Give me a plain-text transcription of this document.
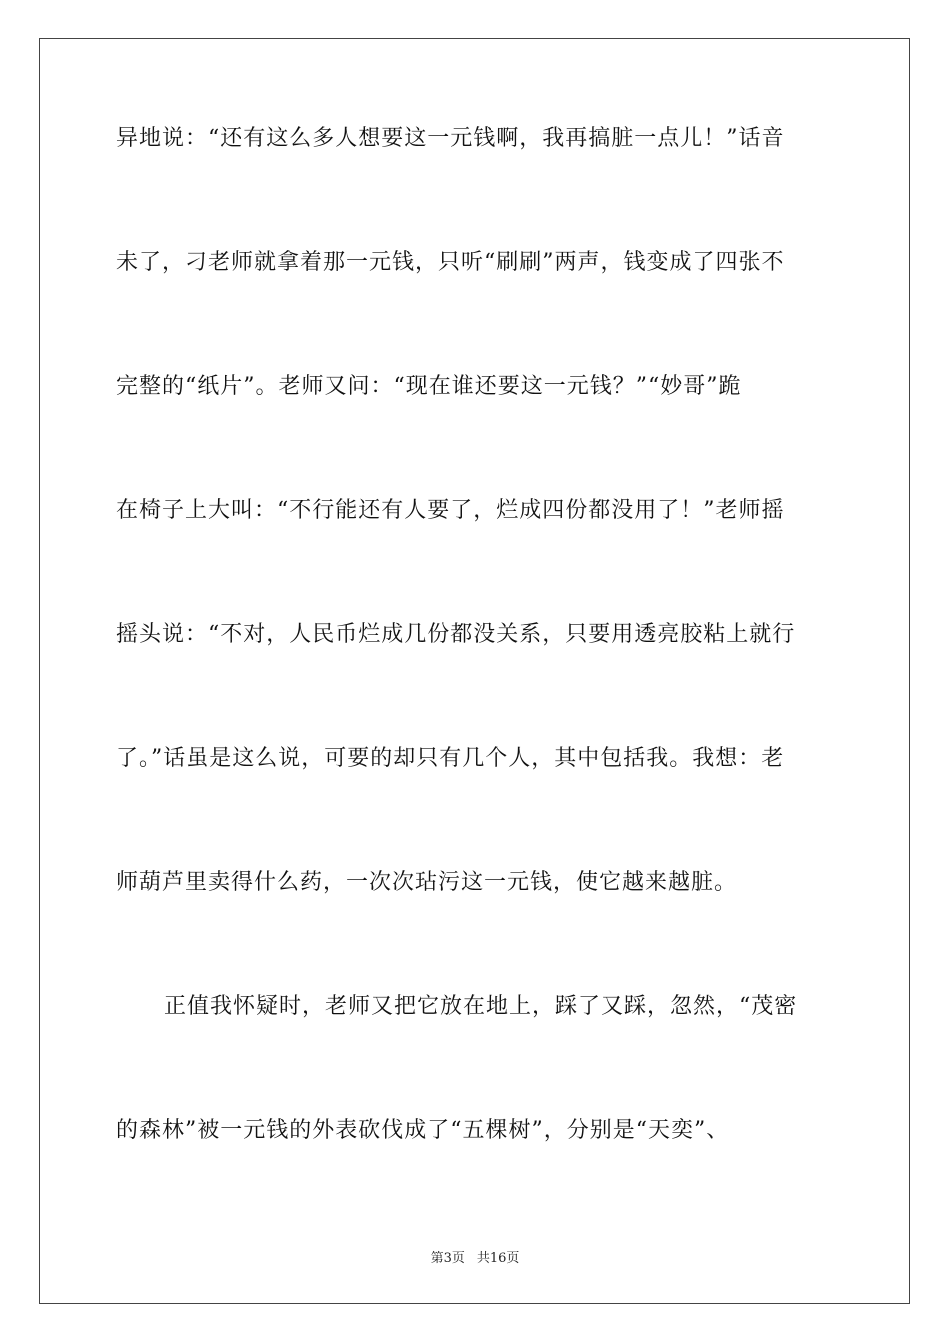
异地说：“还有这么多人想要这一元钱啊，我再搞脏一点儿！”话音
未了，刁老师就拿着那一元钱，只听“刷刷”两声，钱变成了四张不
完整的“纸片”。老师又问：“现在谁还要这一元钱？”“妙哥”跪
在椅子上大叫：“不行能还有人要了，烂成四份都没用了！”老师摇
摇头说：“不对，人民币烂成几份都没关系，只要用透亮胶粘上就行
了。”话虽是这么说，可要的却只有几个人，其中包括我。我想：老
师葫芦里卖得什么药，一次次玷污这一元钱，使它越来越脏。
正值我怀疑时，老师又把它放在地上，踩了又踩，忽然，“茂密
的森林”被一元钱的外表砍伐成了“五棵树”，分别是“天奕”、
第3页 共16页
